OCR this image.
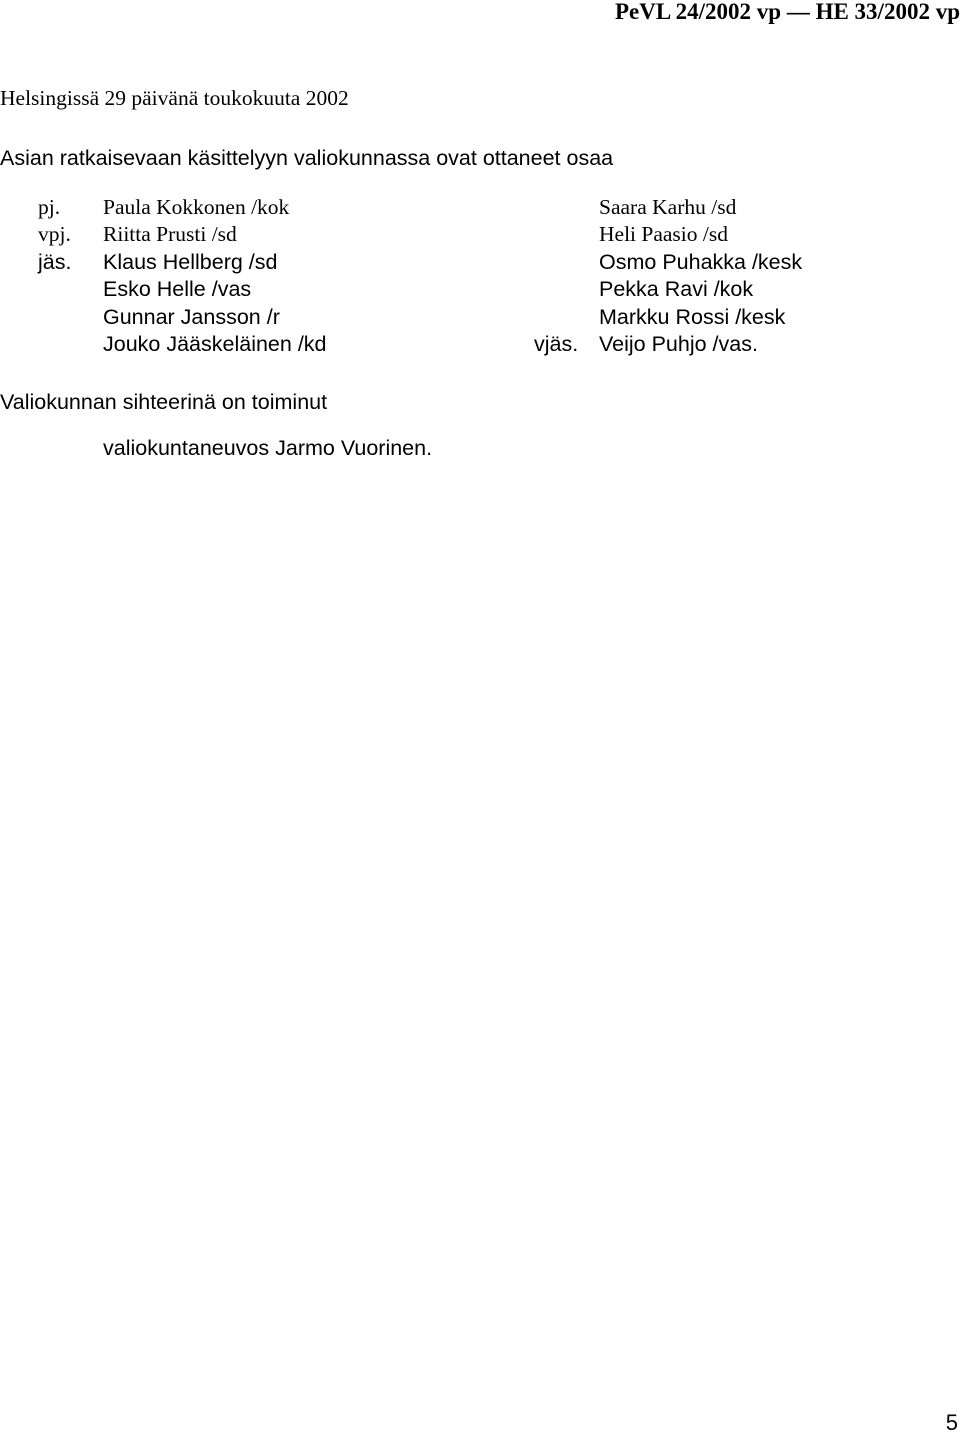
PeVL 24/2002 vp — HE 33/2002 vp

Helsingissä 29 päivänä toukokuuta 2002

Asian ratkaisevaan käsittelyyn valiokunnassa ovat ottaneet osaa

pj. Paula Kokkonen /kok	Saara Karhu /sd
vpj. Riitta Prusti /sd	Heli Paasio /sd
jäs. Klaus Hellberg /sd	Osmo Puhakka /kesk
Esko Helle /vas	Pekka Ravi /kok
Gunnar Jansson /r	Markku Rossi /kesk
Jouko Jääskeläinen /kd	vjäs. Veijo Puhjo /vas.

Valiokunnan sihteerinä on toiminut

valiokuntaneuvos Jarmo Vuorinen.

5
